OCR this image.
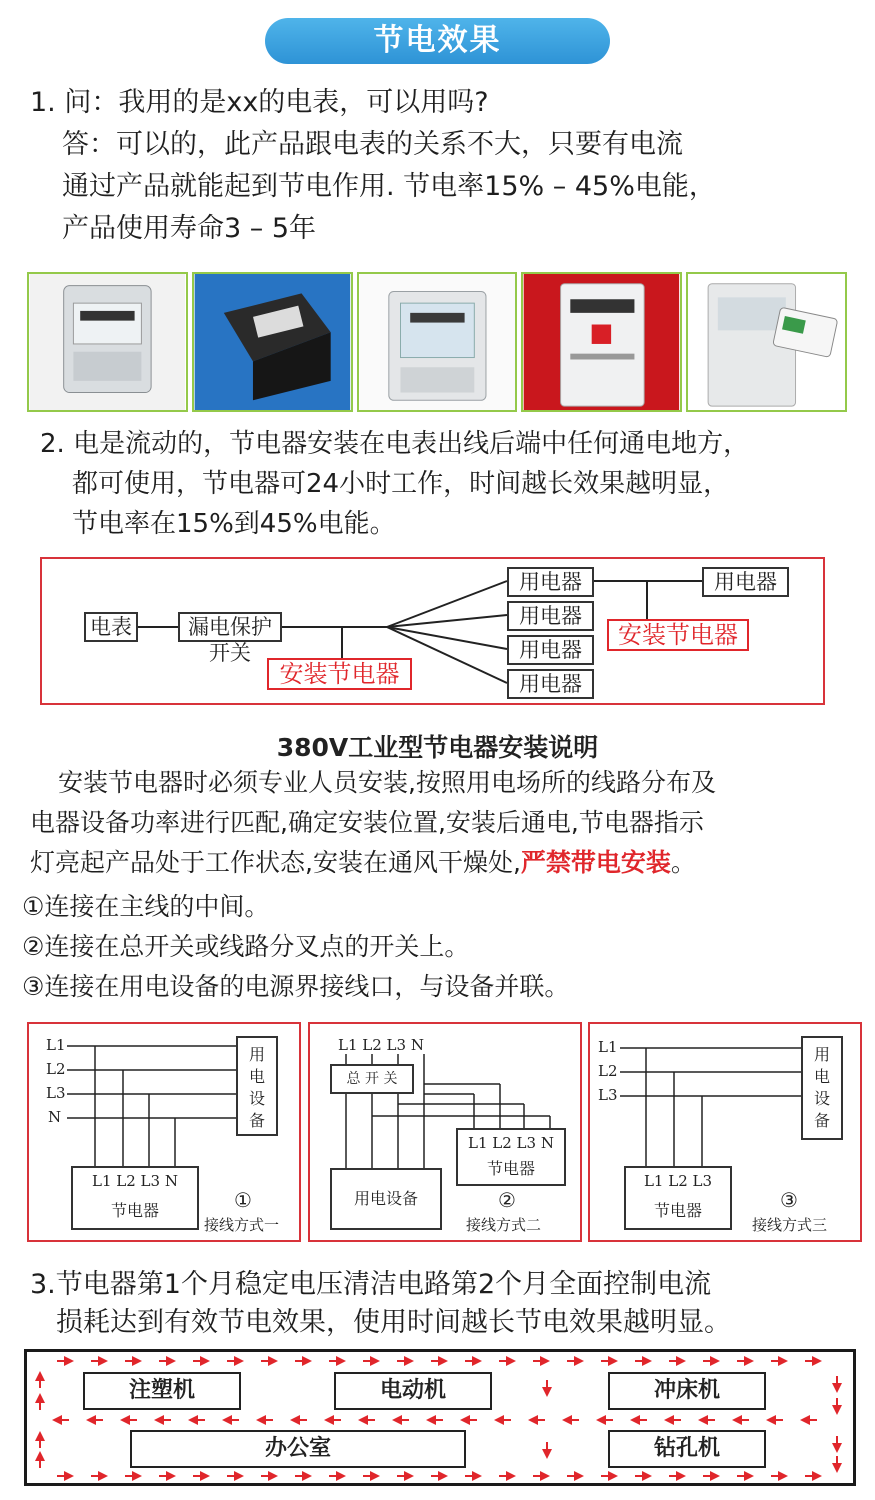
节电效果
1. 问：我用的是xx的电表，可以用吗?
答：可以的，此产品跟电表的关系不大，只要有电流
通过产品就能起到节电作用. 节电率15% – 45%电能，
产品使用寿命3 – 5年
2. 电是流动的，节电器安装在电表出线后端中任何通电地方，
都可使用，节电器可24小时工作，时间越长效果越明显，
节电率在15%到45%电能。
电表	漏电保护开关
安装节电器
用电器
用电器
用电器
用电器
安装节电器
用电器
380V工业型节电器安装说明
安装节电器时必须专业人员安装,按照用电场所的线路分布及
电器设备功率进行匹配,确定安装位置,安装后通电,节电器指示
灯亮起产品处于工作状态,安装在通风干燥处,严禁带电安装。
①连接在主线的中间。
②连接在总开关或线路分叉点的开关上。
③连接在用电设备的电源界接线口，与设备并联。
L1
L2
L3
N
用
电
设
备
L1 L2 L3 N
节电器	①
接线方式一
L1 L2 L3 N
总 开 关
L1 L2 L3 N
节电器
用电设备	②
接线方式二
L1
L2
L3
用
电
设
备
L1 L2 L3
节电器	③
接线方式三
3.节电器第1个月稳定电压清洁电路第2个月全面控制电流
损耗达到有效节电效果，使用时间越长节电效果越明显。
注塑机	电动机	冲床机
办公室	钻孔机
